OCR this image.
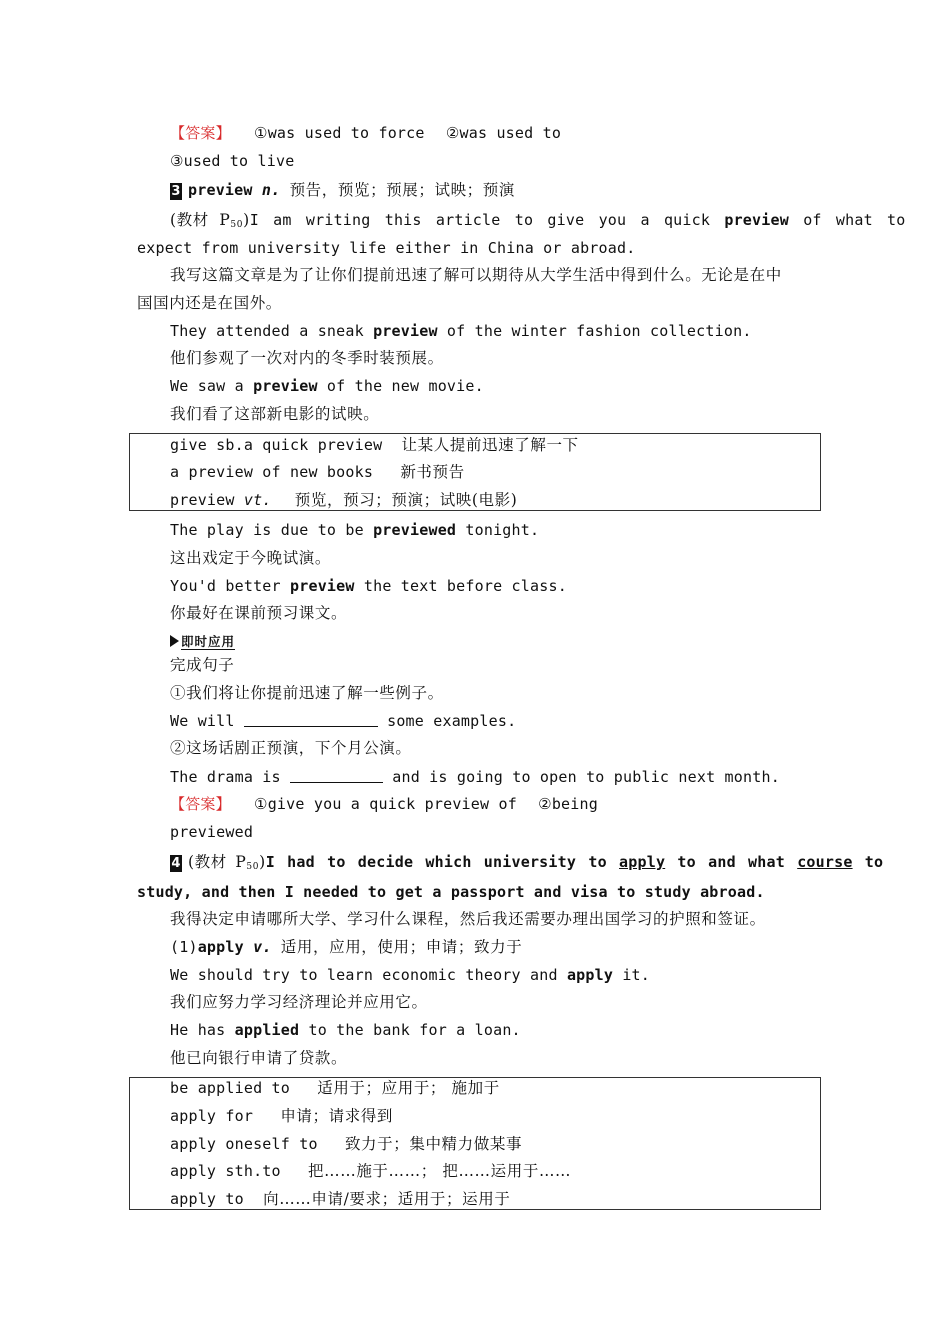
【答案】 ①was used to force ②was used to
③used to live
3 preview n. 预告，预览；预展；试映；预演
(教材 $P_{50})I$ am writing this article to give you a quick preview of what to
expect from university life either in China or abroad.
我写这篇文章是为了让你们提前迅速了解可以期待从大学生活中得到什么。无论是在中
国国内还是在国外。
They attended a sneak preview of the winter fashion collection.
他们参观了一次对内的冬季时装预展。
We saw a preview of the new movie.
我们看了这部新电影的试映。
give sb.a quick preview 让某人提前迅速了解一下
a preview of new books 新书预告
preview vt. 预览，预习；预演；试映(电影)
The play is due to be previewed tonight.
这出戏定于今晚试演。
You'd better preview the text before class.
你最好在课前预习课文。
即时应用
完成句子
①我们将让你提前迅速了解一些例子。
We will	some examples.
②这场话剧正预演，下个月公演。
The drama is	and is going to open to public next month.
【答案】 ①give you a quick preview of ②being
previewed
4 (教材 $P_{50})I$ had to decide which university to apply to and what course to
study, and then I needed to get a passport and visa to study abroad.
我得决定申请哪所大学、学习什么课程，然后我还需要办理出国学习的护照和签证。
(1)apply v. 适用，应用，使用；申请；致力于
We should try to learn economic theory and apply it.
我们应努力学习经济理论并应用它。
He has applied to the bank for a loan.
他已向银行申请了贷款。
be applied to 适用于；应用于； 施加于
apply for 申请；请求得到
apply oneself to 致力于；集中精力做某事
apply sth.to 把……施于……； 把……运用于……
apply to 向……申请/要求；适用于；运用于
